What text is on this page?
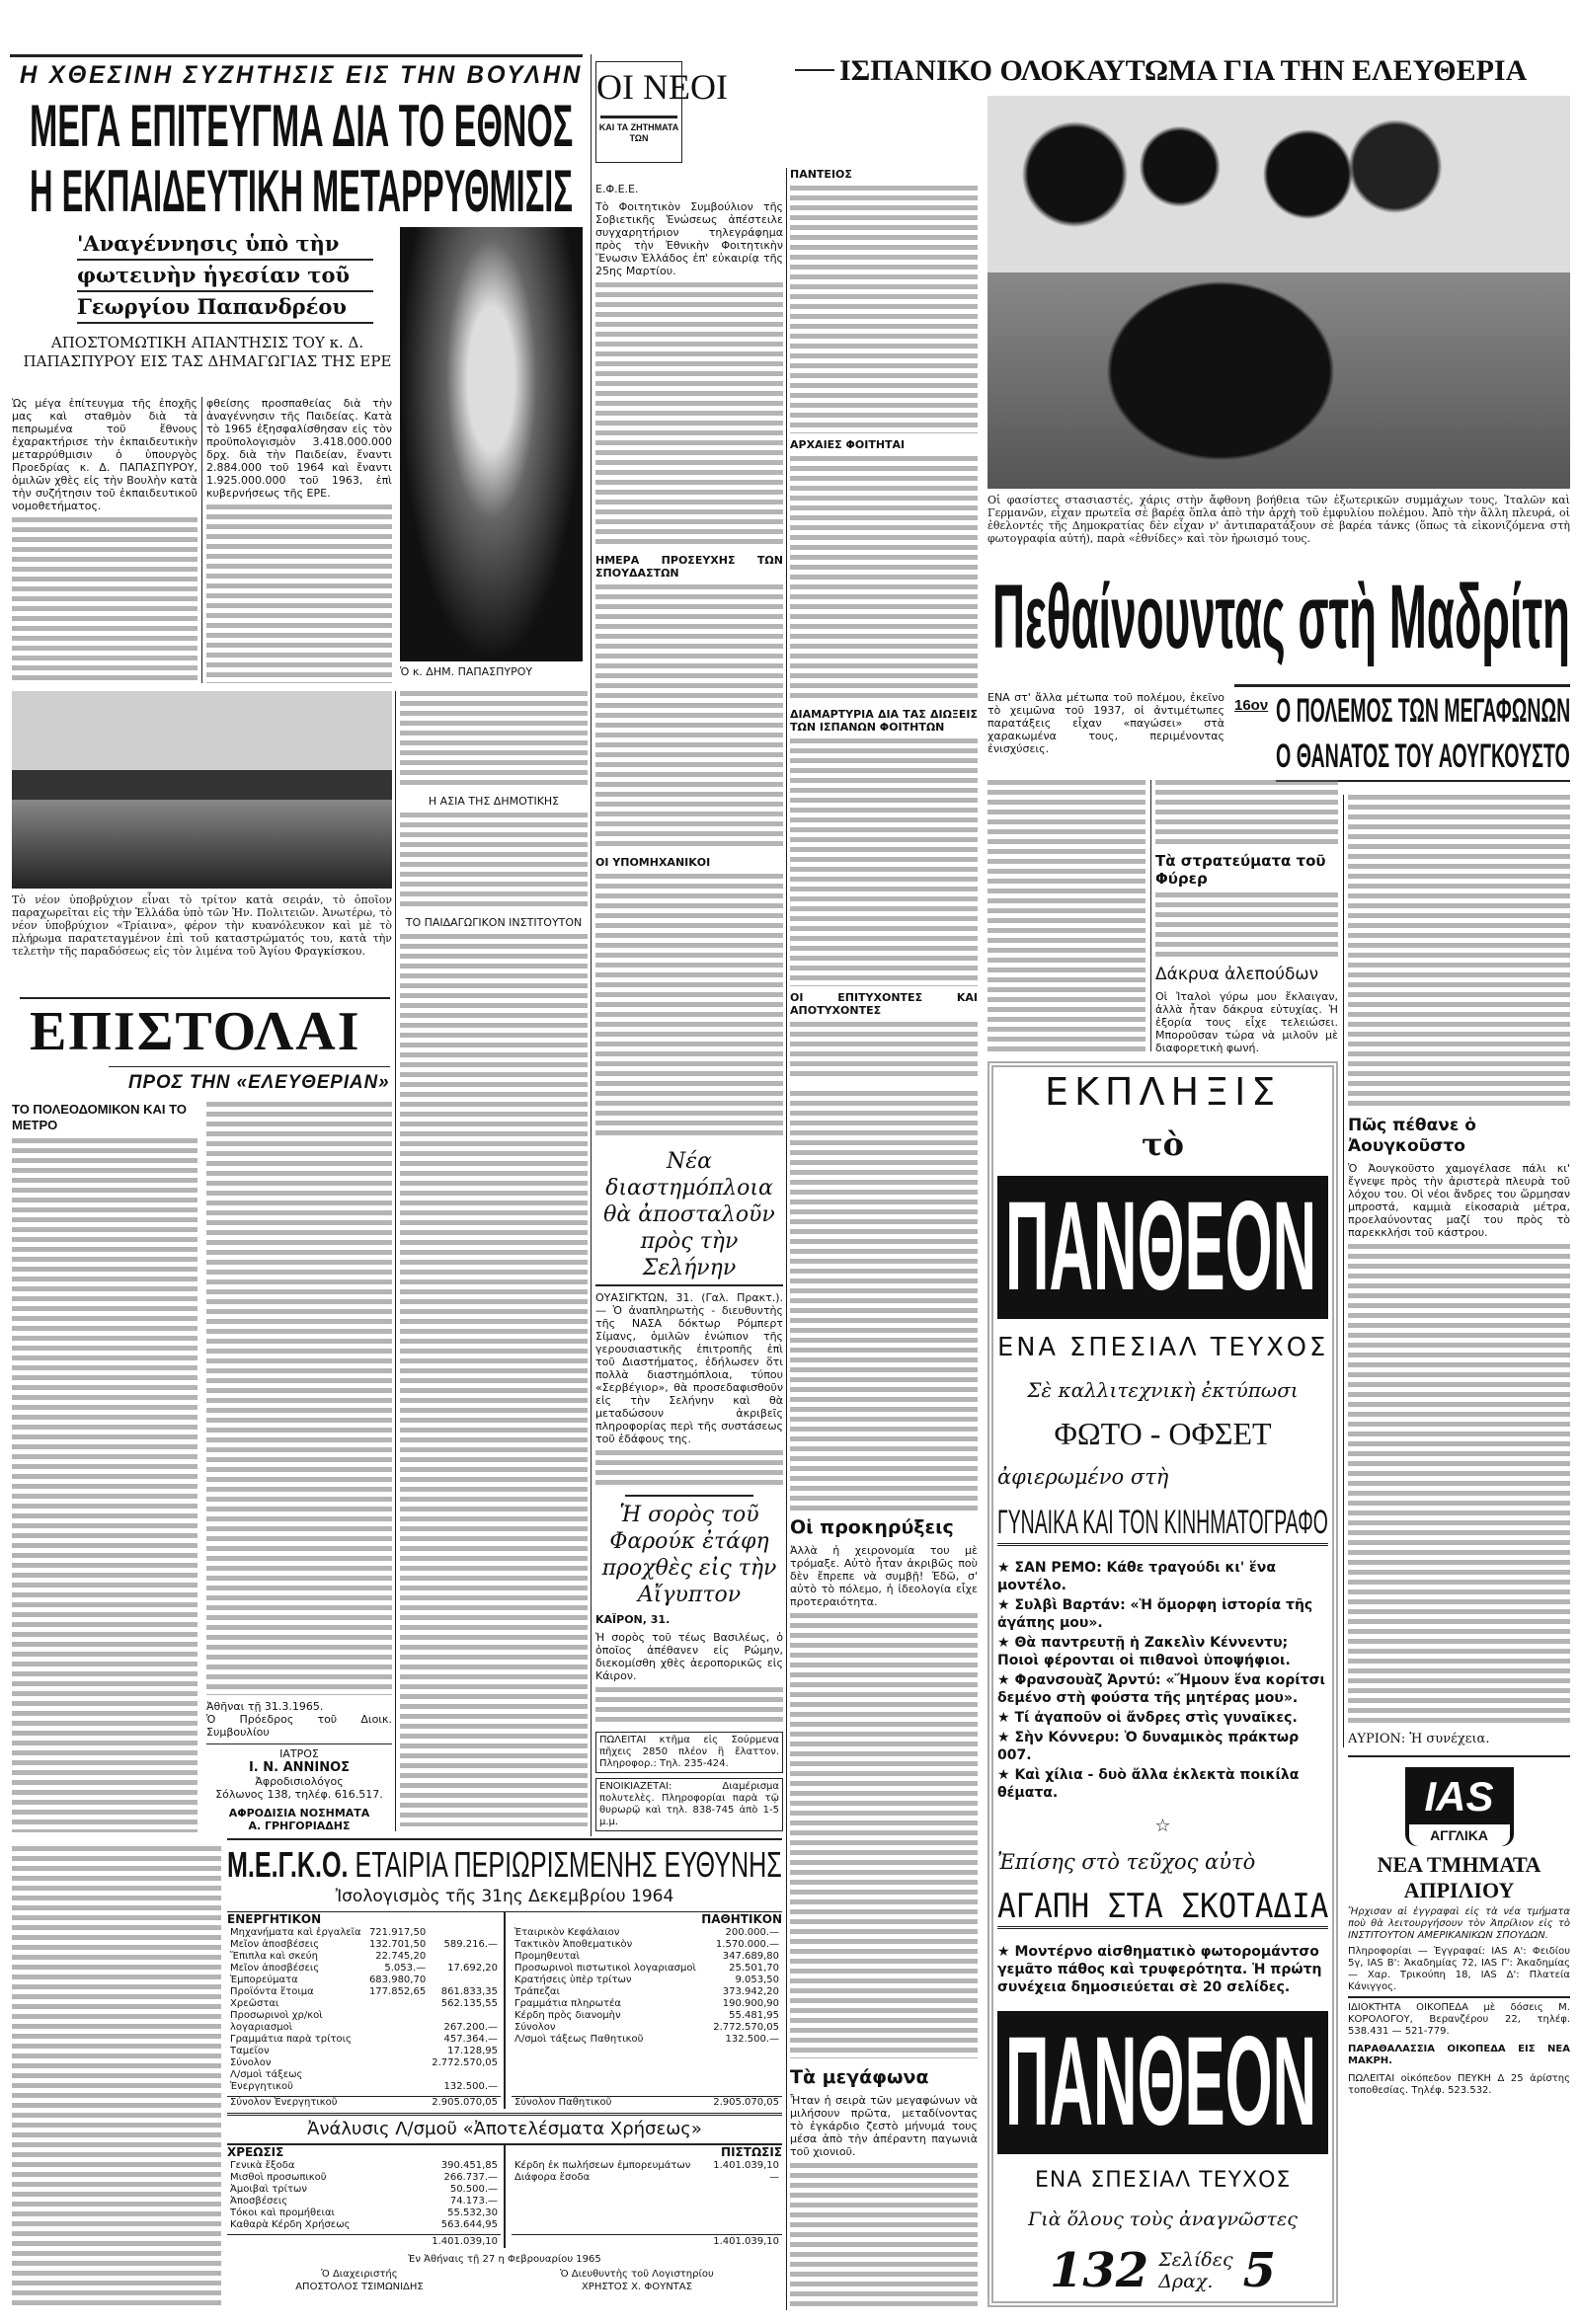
Η ΧΘΕΣΙΝΗ ΣΥΖΗΤΗΣΙΣ ΕΙΣ ΤΗΝ ΒΟΥΛΗΝ
ΜΕΓΑ ΕΠΙΤΕΥΓΜΑ ΔΙΑ ΤΟ ΕΘΝΟΣ
Η ΕΚΠΑΙΔΕΥΤΙΚΗ ΜΕΤΑΡΡΥΘΜΙΣΙΣ
'Αναγέννησις ὑπὸ τὴν
φωτεινὴν ἡγεσίαν τοῦ
Γεωργίου Παπανδρέου
Ὁ κ. ΔΗΜ. ΠΑΠΑΣΠΥΡΟΥ
ΑΠΟΣΤΟΜΩΤΙΚΗ ΑΠΑΝΤΗΣΙΣ ΤΟΥ κ. Δ. ΠΑΠΑΣΠΥΡΟΥ ΕΙΣ ΤΑΣ ΔΗΜΑΓΩΓΙΑΣ ΤΗΣ ΕΡΕ
Ὡς μέγα ἐπίτευγμα τῆς ἐποχῆς μας καὶ σταθμὸν διὰ τὰ πεπρωμένα τοῦ ἔθνους ἐχαρακτήρισε τὴν ἐκπαιδευτικὴν μεταρρύθμισιν ὁ ὑπουργὸς Προεδρίας κ. Δ. ΠΑΠΑΣΠΥΡΟΥ, ὁμιλῶν χθὲς εἰς τὴν Βουλὴν κατὰ τὴν συζήτησιν τοῦ ἐκπαιδευτικοῦ νομοθετήματος.
φθείσης προσπαθείας διὰ τὴν ἀναγέννησιν τῆς Παιδείας. Κατὰ τὸ 1965 ἐξησφαλίσθησαν εἰς τὸν προϋπολογισμὸν 3.418.000.000 δρχ. διὰ τὴν Παιδείαν, ἔναντι 2.884.000 τοῦ 1964 καὶ ἔναντι 1.925.000.000 τοῦ 1963, ἐπὶ κυβερνήσεως τῆς ΕΡΕ.
Τὸ νέον ὑποβρύχιον εἶναι τὸ τρίτον κατὰ σειράν, τὸ ὁποῖον παραχωρεῖται εἰς τὴν Ἑλλάδα ὑπὸ τῶν Ἡν. Πολιτειῶν. Ἀνωτέρω, τὸ νέον ὑποβρύχιον «Τρίαινα», φέρον τὴν κυανόλευκον καὶ μὲ τὸ πλήρωμα παρατεταγμένον ἐπὶ τοῦ καταστρώματός του, κατὰ τὴν τελετὴν τῆς παραδόσεως εἰς τὸν λιμένα τοῦ Ἁγίου Φραγκίσκου.
Η ΑΣΙΑ ΤΗΣ ΔΗΜΟΤΙΚΗΣ
ΤΟ ΠΑΙΔΑΓΩΓΙΚΟΝ ΙΝΣΤΙΤΟΥΤΟΝ
ΕΠΙΣΤΟΛΑΙ
ΠΡΟΣ ΤΗΝ «ΕΛΕΥΘΕΡΙΑΝ»
ΤΟ ΠΟΛΕΟΔΟΜΙΚΟΝ ΚΑΙ ΤΟ ΜΕΤΡΟ
Ἀθῆναι τῇ 31.3.1965.
Ὁ Πρόεδρος τοῦ Διοικ. Συμβουλίου
ΙΑΤΡΟΣ
Ι. Ν. ΑΝΝΙΝΟΣ
Ἀφροδισιολόγος
Σόλωνος 138, τηλέφ. 616.517.
ΑΦΡΟΔΙΣΙΑ ΝΟΣΗΜΑΤΑ
Α. ΓΡΗΓΟΡΙΑΔΗΣ
ΟΙ ΝΕΟΙ
ΚΑΙ ΤΑ ΖΗΤΗΜΑΤΑ ΤΩΝ
Ε.Φ.Ε.Ε.
Τὸ Φοιτητικὸν Συμβούλιον τῆς Σοβιετικῆς Ἑνώσεως ἀπέστειλε συγχαρητήριον τηλεγράφημα πρὸς τὴν Ἐθνικὴν Φοιτητικὴν Ἕνωσιν Ἑλλάδος ἐπ' εὐκαιρίᾳ τῆς 25ης Μαρτίου.
ΗΜΕΡΑ ΠΡΟΣΕΥΧΗΣ ΤΩΝ ΣΠΟΥΔΑΣΤΩΝ
ΟΙ ΥΠΟΜΗΧΑΝΙΚΟΙ
ΠΑΝΤΕΙΟΣ
ΑΡΧΑΙΕΣ ΦΟΙΤΗΤΑΙ
ΔΙΑΜΑΡΤΥΡΙΑ ΔΙΑ ΤΑΣ ΔΙΩΞΕΙΣ ΤΩΝ ΙΣΠΑΝΩΝ ΦΟΙΤΗΤΩΝ
ΟΙ ΕΠΙΤΥΧΟΝΤΕΣ ΚΑΙ ΑΠΟΤΥΧΟΝΤΕΣ
Νέα διαστημόπλοια θὰ ἀποσταλοῦν πρὸς τὴν Σελήνην
ΟΥΑΣΙΓΚΤΩΝ, 31. (Γαλ. Πρακτ.). — Ὁ ἀναπληρωτὴς - διευθυντὴς τῆς ΝΑΣΑ δόκτωρ Ρόμπερτ Σίμανς, ὁμιλῶν ἐνώπιον τῆς γερουσιαστικῆς ἐπιτροπῆς ἐπὶ τοῦ Διαστήματος, ἐδήλωσεν ὅτι πολλὰ διαστημόπλοια, τύπου «Σερβέγιορ», θὰ προσεδαφισθοῦν εἰς τὴν Σελήνην καὶ θὰ μεταδώσουν ἀκριβεῖς πληροφορίας περὶ τῆς συστάσεως τοῦ ἐδάφους της.
Ἡ σορὸς τοῦ Φαρούκ ἐτάφη προχθὲς εἰς τὴν Αἴγυπτον
ΚΑΪΡΟΝ, 31.
Ἡ σορὸς τοῦ τέως Βασιλέως, ὁ ὁποῖος ἀπέθανεν εἰς Ρώμην, διεκομίσθη χθὲς ἀεροπορικῶς εἰς Κάιρον.
ΠΩΛΕΙΤΑΙ κτῆμα εἰς Σούρμενα πῆχεις 2850 πλέον ἢ ἔλαττον. Πληροφορ.: Τηλ. 235-424.
ΕΝΟΙΚΙΑΖΕΤΑΙ: Διαμέρισμα πολυτελὲς. Πληροφορίαι παρὰ τῷ θυρωρῷ καὶ τηλ. 838-745 ἀπὸ 1-5 μ.μ.
Οἱ προκηρύξεις
Ἀλλὰ ἡ χειρονομία του μὲ τρόμαξε. Αὐτὸ ἦταν ἀκριβῶς ποὺ δὲν ἔπρεπε νὰ συμβῇ! Ἐδῶ, σ' αὐτὸ τὸ πόλεμο, ἡ ἰδεολογία εἶχε προτεραιότητα.
Τὰ μεγάφωνα
Ἦταν ἡ σειρὰ τῶν μεγαφώνων νὰ μιλήσουν πρῶτα, μεταδίνοντας τὸ ἐγκάρδιο ζεστὸ μήνυμά τους μέσα ἀπὸ τὴν ἀπέραντη παγωνιὰ τοῦ χιονιοῦ.
ΙΣΠΑΝΙΚΟ ΟΛΟΚΑΥΤΩΜΑ ΓΙΑ ΤΗΝ ΕΛΕΥΘΕΡΙΑ
Οἱ φασίστες στασιαστές, χάρις στὴν ἄφθονη βοήθεια τῶν ἐξωτερικῶν συμμάχων τους, Ἰταλῶν καὶ Γερμανῶν, εἶχαν πρωτεῖα σὲ βαρέα ὅπλα ἀπὸ τὴν ἀρχὴ τοῦ ἐμφυλίου πολέμου. Ἀπὸ τὴν ἄλλη πλευρά, οἱ ἐθελοντές τῆς Δημοκρατίας δὲν εἶχαν ν' ἀντιπαρατάξουν σὲ βαρέα τάνκς (ὅπως τὰ εἰκονιζόμενα στὴ φωτογραφία αὐτή), παρὰ «ἐθνίδες» καὶ τὸν ἡρωισμό τους.
Πεθαίνουντας στὴ Μαδρίτη
ΕΝΑ στ' ἄλλα μέτωπα τοῦ πολέμου, ἐκεῖνο τὸ χειμῶνα τοῦ 1937, οἱ ἀντιμέτωπες παρατάξεις εἶχαν «παγώσει» στὰ χαρακωμένα τους, περιμένοντας ἐνισχύσεις.
16ον Ο ΠΟΛΕΜΟΣ ΤΩΝ ΜΕΓΑΦΩΝΩΝ
Ο ΘΑΝΑΤΟΣ ΤΟΥ ΑΟΥΓΚΟΥΣΤΟ
Τὰ στρατεύματα τοῦ Φύρερ
Δάκρυα ἀλεπούδων
Οἱ Ἰταλοὶ γύρω μου ἔκλαιγαν, ἀλλὰ ἦταν δάκρυα εὐτυχίας. Ἡ ἐξορία τους εἶχε τελειώσει. Μποροῦσαν τώρα νὰ μιλοῦν μὲ διαφορετικὴ φωνή.
Πῶς πέθανε ὁ Ἀουγκοῦστο
Ὁ Ἀουγκοῦστο χαμογέλασε πάλι κι' ἔγνεψε πρὸς τὴν ἀριστερὰ πλευρὰ τοῦ λόχου του. Οἱ νέοι ἄνδρες του ὥρμησαν μπροστά, καμμιὰ εἰκοσαριὰ μέτρα, προελαύνοντας μαζί του πρὸς τὸ παρεκκλήσι τοῦ κάστρου.
ΑΥΡΙΟΝ: Ἡ συνέχεια.
ΕΚΠΛΗΞΙΣ
τὸ
ΠΑΝΘΕΟΝ
ΕΝΑ ΣΠΕΣΙΑΛ ΤΕΥΧΟΣ
Σὲ καλλιτεχνικὴ ἐκτύπωσι
ΦΩΤΟ - ΟΦΣΕΤ
ἀφιερωμένο στὴ
ΓΥΝΑΙΚΑ ΚΑΙ ΤΟΝ ΚΙΝΗΜΑΤΟΓΡΑΦΟ
★ ΣΑΝ ΡΕΜΟ: Κάθε τραγούδι κι' ἕνα μοντέλο.
★ Συλβὶ Βαρτάν: «Ἡ ὄμορφη ἱστορία τῆς ἀγάπης μου».
★ Θὰ παντρευτῇ ἡ Ζακελὶν Κέννεντυ; Ποιοὶ φέρονται οἱ πιθανοὶ ὑποψήφιοι.
★ Φρανσουὰζ Ἀρντύ: «Ἤμουν ἕνα κορίτσι δεμένο στὴ φούστα τῆς μητέρας μου».
★ Τί ἀγαποῦν οἱ ἄνδρες στὶς γυναῖκες.
★ Σὴν Κόννερυ: Ὁ δυναμικὸς πράκτωρ 007.
★ Καὶ χίλια - δυὸ ἄλλα ἐκλεκτὰ ποικίλα θέματα.
☆
Ἐπίσης στὸ τεῦχος αὐτὸ
ΑΓΑΠΗ ΣΤΑ ΣΚΟΤΑΔΙΑ
★ Μοντέρνο αἰσθηματικὸ φωτορομάντσο γεμᾶτο πάθος καὶ τρυφερότητα. Ἡ πρώτη συνέχεια δημοσιεύεται σὲ 20 σελίδες.
ΠΑΝΘΕΟΝ
ΕΝΑ ΣΠΕΣΙΑΛ ΤΕΥΧΟΣ
Γιὰ ὅλους τοὺς ἀναγνῶστες
132 Σελίδες
Δραχ. 5
IAS
ΑΓΓΛΙΚΑ
ΝΕΑ ΤΜΗΜΑΤΑ
ΑΠΡΙΛΙΟΥ
Ἤρχισαν αἱ ἐγγραφαὶ εἰς τὰ νέα τμήματα ποὺ θὰ λειτουργήσουν τὸν Ἀπρίλιον εἰς τὸ ΙΝΣΤΙΤΟΥΤΟΝ ΑΜΕΡΙΚΑΝΙΚΩΝ ΣΠΟΥΔΩΝ.
Πληροφορίαι — Ἐγγραφαί: IAS Α': Φειδίου 5γ, IAS Β': Ἀκαδημίας 72, IAS Γ': Ἀκαδημίας — Χαρ. Τρικούπη 18, IAS Δ': Πλατεία Κάνιγγος.
ΙΔΙΟΚΤΗΤΑ ΟΙΚΟΠΕΔΑ μὲ δόσεις Μ. ΚΟΡΟΛΟΓΟΥ, Βερανζέρου 22, τηλέφ. 538.431 — 521-779.
ΠΑΡΑΘΑΛΑΣΣΙΑ ΟΙΚΟΠΕΔΑ ΕΙΣ ΝΕΑ ΜΑΚΡΗ.
ΠΩΛΕΙΤΑΙ οἰκόπεδον ΠΕΥΚΗ Δ 25 ἀρίστης τοποθεσίας. Τηλέφ. 523.532.
Μ.Ε.Γ.Κ.Ο. ΕΤΑΙΡΙΑ ΠΕΡΙΩΡΙΣΜΕΝΗΣ ΕΥΘΥΝΗΣ
Ἰσολογισμὸς τῆς 31ης Δεκεμβρίου 1964
ΕΝΕΡΓΗΤΙΚΟΝ
Μηχανήματα καὶ ἐργαλεῖα	721.917,50	
Μεῖον ἀποσβέσεις	132.701,50	589.216.—
Ἔπιπλα καὶ σκεύη	22.745,20	
Μεῖον ἀποσβέσεις	5.053.—	17.692,20
Ἐμπορεύματα	683.980,70	
Προϊόντα ἕτοιμα	177.852,65	861.833,35
Χρεῶσται		562.135,55
Προσωρινοὶ χρ/κοὶ λογαριασμοὶ		267.200.—
Γραμμάτια παρὰ τρίτοις		457.364.—
Ταμεῖον		17.128,95
Σύνολον		2.772.570,05
Λ/σμοὶ τάξεως Ἐνεργητικοῦ		132.500.—
Σύνολον Ἐνεργητικοῦ	2.905.070,05
ΠΑΘΗΤΙΚΟΝ
Ἑταιρικὸν Κεφάλαιον	200.000.—
Τακτικὸν Ἀποθεματικὸν	1.570.000.—
Προμηθευταὶ	347.689,80
Προσωρινοὶ πιστωτικοὶ λογαριασμοὶ	25.501,70
Κρατήσεις ὑπὲρ τρίτων	9.053,50
Τράπεζαι	373.942,20
Γραμμάτια πληρωτέα	190.900,90
Κέρδη πρὸς διανομὴν	55.481,95
Σύνολον	2.772.570,05
Λ/σμοὶ τάξεως Παθητικοῦ	132.500.—
Σύνολον Παθητικοῦ	2.905.070,05
Ἀνάλυσις Λ/σμοῦ «Ἀποτελέσματα Χρήσεως»
ΧΡΕΩΣΙΣ
Γενικὰ ἔξοδα	390.451,85
Μισθοὶ προσωπικοῦ	266.737.—
Ἀμοιβαὶ τρίτων	50.500.—
Ἀποσβέσεις	74.173.—
Τόκοι καὶ προμήθειαι	55.532,30
Καθαρὰ Κέρδη Χρήσεως	563.644,95
1.401.039,10
ΠΙΣΤΩΣΙΣ
Κέρδη ἐκ πωλήσεων ἐμπορευμάτων	1.401.039,10
Διάφορα ἔσοδα	—
1.401.039,10
Ἐν Ἀθήναις τῇ 27 η Φεβρουαρίου 1965
Ὁ Διαχειριστής
ΑΠΟΣΤΟΛΟΣ ΤΣΙΜΩΝΙΔΗΣ
Ὁ Διευθυντὴς τοῦ Λογιστηρίου
ΧΡΗΣΤΟΣ Χ. ΦΟΥΝΤΑΣ
